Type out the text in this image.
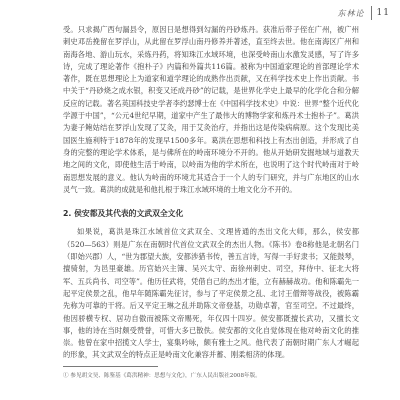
东林论 11

受。只求揭广西句漏县令，原因日是想得到勾漏的丹砂炼丹。获准后带子侄在广州，被广州刺史邓岳挽留在罗浮山，从此留在罗浮山南丹修养并著述，直至终去世。他在南海区广州和南海各地、游山玩水，采炼丹药，将知珠江水域环境，也深受岭南山水激发灵感，写了许多诗，完成了理论著作《抱朴子》内篇和外篇共116篇。被称为中国道家理论的首部理论学术著作，既在思想理论上为道家和道学理论的成熟作出贡献，又在科学技术史上作出贡献。书中关于“丹砂烧之成水银，积变又还成丹砂”的记载，是世界化学史上最早的化学化合和分解反应的记载。著名英国科技史学者李约瑟博士在《中国科学技术史》中说：世界“整个近代化学源于中国”，“公元4世纪早期，道家中产生了最伟大的博物学家和炼丹术士抱朴子”。葛洪为妻子鲍姑结在罗浮山发现了艾灸，用于艾灸治疗，并指出这是传染病病原。这个发现比美国医生施利特于1878年的发现早1500多年。葛洪在思想和科技上有杰出创造，并形成了自身的完整的理论学术体系，是与佛所在的岭南环境分不开的。他从开始研发掘地域与道教天地之间的文化，即使他生活于岭南，以岭南为他的学术所在，也说明了这个时代岭南对于岭南思想发展的意义。他认为岭南的环境尤其适合于一个人的专门研究，并与广东地区的山水灵气一致。葛洪的成就是和他扎根于珠江水域环境的土地文化分不开的。

2. 侯安都及其代表的文武双全文化

如果说，葛洪是珠江水域首位文武双全、文理皆通的杰出文化大师，那么，侯安都（520—563）则是广东在南朝时代首位文武双全的杰出人物。《陈书》卷8称他是北朝名门（即始兴郡）人，“世为郡望大族，安都涉猎书传，善五言诗，写得一手好隶书；又能鼓琴，擅骑射，为邑里豪雄。历官始兴主簿、吴兴太守、南徐州刺史、司空，拜侍中、征北大将军、五兵尚书、司空等”。他历任武将，凭借自己的杰出才能，立有赫赫战功。他和陈霸先一起平定侯景之乱，他早年随陈霸先征讨，参与了平定侯景之乱、北讨王僧辩等战役，被陈霸先称为可靠的干将。后又平定王琳之乱并助陈文帝登基，功勋卓著，官至司空。不过最终，他因骄横专权、居功自傲而被陈文帝赐死，年仅四十四岁。侯安都既擅长武功，又擅长文事，他的诗在当时颇受赞誉，可惜大多已散佚。侯安都的文化自觉体现在他对岭南文化的推崇。他曾在家中招揽文人学士，宴集吟咏，颇有雅士之风。他代表了南朝时期广东人才崛起的形象，其文武双全的特点正是岭南文化兼容并蓄、刚柔相济的体现。

① 参见胡文昊、陈鉴基《葛洪精神：思想与文化》，广东人民出版社2008年版。
